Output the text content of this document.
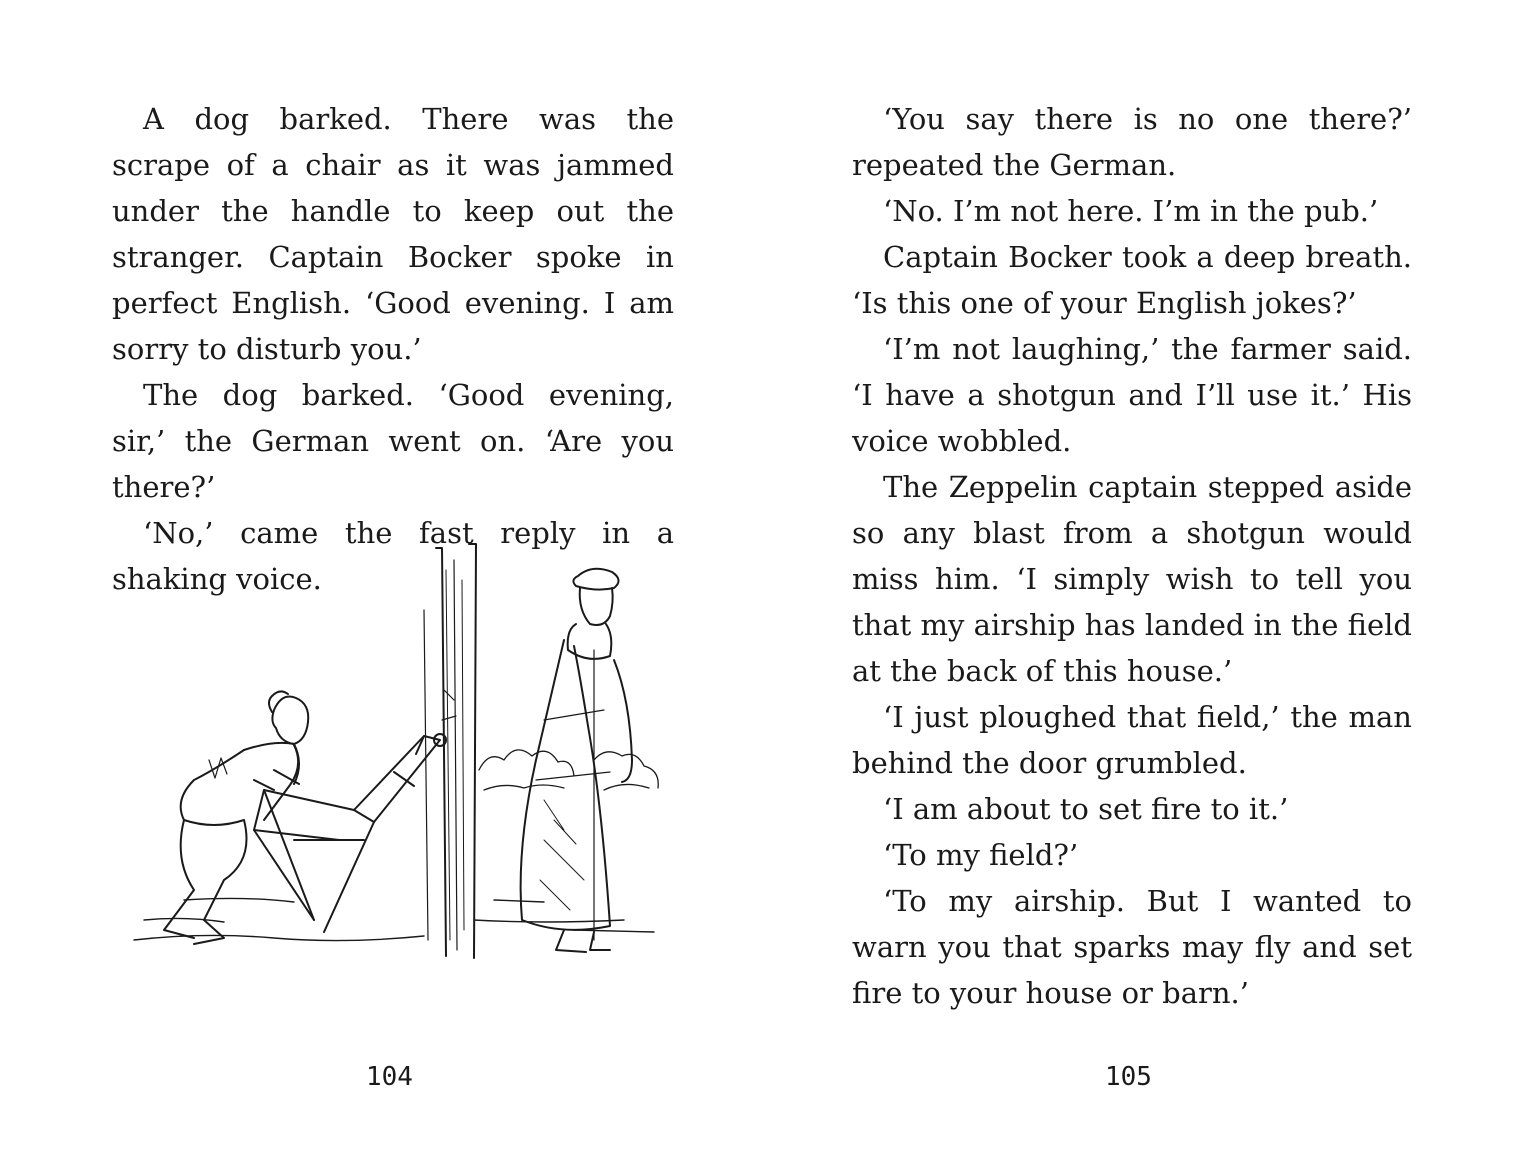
A dog barked. There was the scrape of a chair as it was jammed under the handle to keep out the stranger. Captain Bocker spoke in perfect English. ‘Good evening. I am sorry to disturb you.’

The dog barked. ‘Good evening, sir,’ the German went on. ‘Are you there?’

‘No,’ came the fast reply in a shaking voice.

104

‘You say there is no one there?’ repeated the German.

‘No. I’m not here. I’m in the pub.’

Captain Bocker took a deep breath. ‘Is this one of your English jokes?’

‘I’m not laughing,’ the farmer said. ‘I have a shotgun and I’ll use it.’ His voice wobbled.

The Zeppelin captain stepped aside so any blast from a shotgun would miss him. ‘I simply wish to tell you that my airship has landed in the field at the back of this house.’

‘I just ploughed that field,’ the man behind the door grumbled.

‘I am about to set fire to it.’

‘To my field?’

‘To my airship. But I wanted to warn you that sparks may fly and set fire to your house or barn.’

105
